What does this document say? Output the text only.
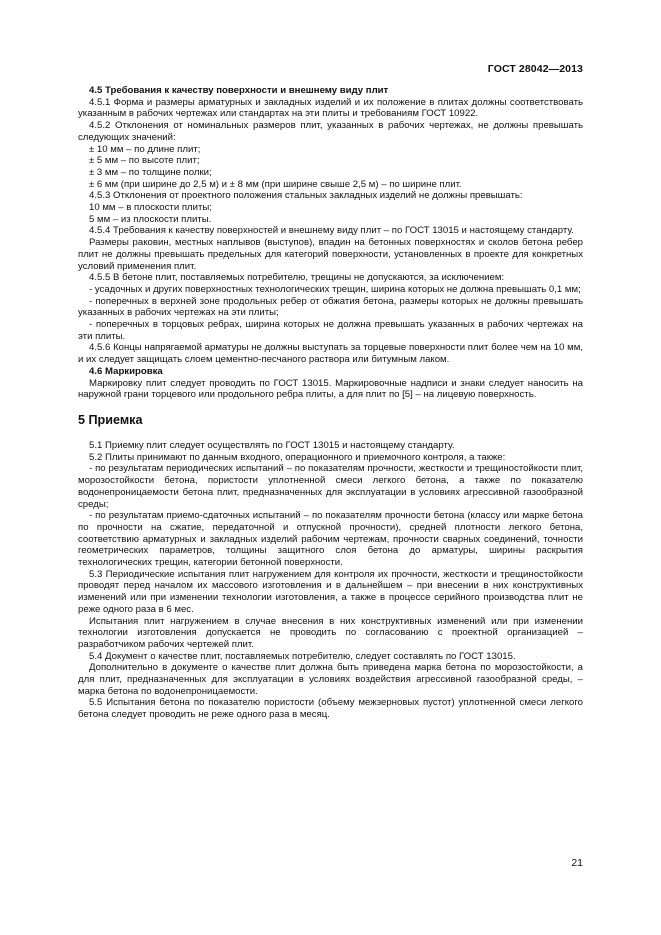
ГОСТ 28042—2013

4.5 Требования к качеству поверхности и внешнему виду плит

4.5.1 Форма и размеры арматурных и закладных изделий и их положение в плитах должны соответствовать указанным в рабочих чертежах или стандартах на эти плиты и требованиям ГОСТ 10922.

4.5.2 Отклонения от номинальных размеров плит, указанных в рабочих чертежах, не должны превышать следующих значений:

± 10 мм – по длине плит;

± 5 мм – по высоте плит;

± 3 мм – по толщине полки;

± 6 мм (при ширине до 2,5 м) и ± 8 мм (при ширине свыше 2,5 м) – по ширине плит.

4.5.3 Отклонения от проектного положения стальных закладных изделий не должны превышать:

10 мм – в плоскости плиты;

5 мм – из плоскости плиты.

4.5.4 Требования к качеству поверхностей и внешнему виду плит – по ГОСТ 13015 и настоящему стандарту.

Размеры раковин, местных наплывов (выступов), впадин на бетонных поверхностях и сколов бетона ребер плит не должны превышать предельных для категорий поверхности, установленных в проекте для конкретных условий применения плит.

4.5.5 В бетоне плит, поставляемых потребителю, трещины не допускаются, за исключением:

- усадочных и других поверхностных технологических трещин, ширина которых не должна превышать 0,1 мм;

- поперечных в верхней зоне продольных ребер от обжатия бетона, размеры которых не должны превышать указанных в рабочих чертежах на эти плиты;

- поперечных в торцовых ребрах, ширина которых не должна превышать указанных в рабочих чертежах на эти плиты.

4.5.6 Концы напрягаемой арматуры не должны выступать за торцевые поверхности плит более чем на 10 мм, и их следует защищать слоем цементно-песчаного раствора или битумным лаком.

4.6 Маркировка

Маркировку плит следует проводить по ГОСТ 13015. Маркировочные надписи и знаки следует наносить на наружной грани торцевого или продольного ребра плиты, а для плит по [5] – на лицевую поверхность.

5 Приемка

5.1 Приемку плит следует осуществлять по ГОСТ 13015 и настоящему стандарту.

5.2 Плиты принимают по данным входного, операционного и приемочного контроля, а также:

- по результатам периодических испытаний – по показателям прочности, жесткости и трещиностойкости плит, морозостойкости бетона, пористости уплотненной смеси легкого бетона, а также по показателю водонепроницаемости бетона плит, предназначенных для эксплуатации в условиях агрессивной газообразной среды;

- по результатам приемо-сдаточных испытаний – по показателям прочности бетона (классу или марке бетона по прочности на сжатие, передаточной и отпускной прочности), средней плотности легкого бетона, соответствию арматурных и закладных изделий рабочим чертежам, прочности сварных соединений, точности геометрических параметров, толщины защитного слоя бетона до арматуры, ширины раскрытия технологических трещин, категории бетонной поверхности.

5.3 Периодические испытания плит нагружением для контроля их прочности, жесткости и трещиностойкости проводят перед началом их массового изготовления и в дальнейшем – при внесении в них конструктивных изменений или при изменении технологии изготовления, а также в процессе серийного производства плит не реже одного раза в 6 мес.

Испытания плит нагружением в случае внесения в них конструктивных изменений или при изменении технологии изготовления допускается не проводить по согласованию с проектной организацией – разработчиком рабочих чертежей плит.

5.4 Документ о качестве плит, поставляемых потребителю, следует составлять по ГОСТ 13015.

Дополнительно в документе о качестве плит должна быть приведена марка бетона по морозостойкости, а для плит, предназначенных для эксплуатации в условиях воздействия агрессивной газообразной среды, – марка бетона по водонепроницаемости.

5.5 Испытания бетона по показателю пористости (объему межзерновых пустот) уплотненной смеси легкого бетона следует проводить не реже одного раза в месяц.

21
